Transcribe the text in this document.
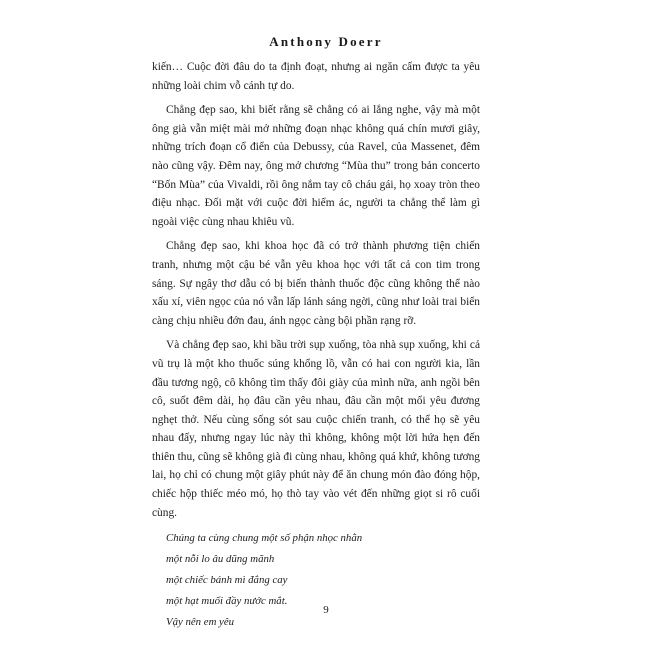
Anthony Doerr

kiến… Cuộc đời đâu do ta định đoạt, nhưng ai ngăn cấm được ta yêu những loài chim vỗ cánh tự do.

Chẳng đẹp sao, khi biết rằng sẽ chẳng có ai lắng nghe, vậy mà một ông già vẫn miệt mài mở những đoạn nhạc không quá chín mươi giây, những trích đoạn cổ điển của Debussy, của Ravel, của Massenet, đêm nào cũng vậy. Đêm nay, ông mở chương “Mùa thu” trong bản concerto “Bốn Mùa” của Vivaldi, rồi ông nắm tay cô cháu gái, họ xoay tròn theo điệu nhạc. Đối mặt với cuộc đời hiểm ác, người ta chẳng thể làm gì ngoài việc cùng nhau khiêu vũ.

Chẳng đẹp sao, khi khoa học đã có trở thành phương tiện chiến tranh, nhưng một cậu bé vẫn yêu khoa học với tất cả con tim trong sáng. Sự ngây thơ dẫu có bị biến thành thuốc độc cũng không thể nào xấu xí, viên ngọc của nó vẫn lấp lánh sáng ngời, cũng như loài trai biển càng chịu nhiều đớn đau, ánh ngọc càng bội phần rạng rỡ.

Và chẳng đẹp sao, khi bầu trời sụp xuống, tòa nhà sụp xuống, khi cả vũ trụ là một kho thuốc súng khổng lồ, vẫn có hai con người kia, lần đầu tương ngộ, cô không tìm thấy đôi giày của mình nữa, anh ngồi bên cô, suốt đêm dài, họ đâu cần yêu nhau, đâu cần một mối yêu đương nghẹt thở. Nếu cùng sống sót sau cuộc chiến tranh, có thể họ sẽ yêu nhau đấy, nhưng ngay lúc này thì không, không một lời hứa hẹn đến thiên thu, cũng sẽ không già đi cùng nhau, không quá khứ, không tương lai, họ chỉ có chung một giây phút này để ăn chung món đào đóng hộp, chiếc hộp thiếc méo mó, họ thò tay vào vét đến những giọt si rô cuối cùng.

Chúng ta cùng chung một số phận nhọc nhằn
một nỗi lo âu dũng mãnh
một chiếc bánh mì đắng cay
một hạt muối đầy nước mắt.
Vậy nên em yêu
9
